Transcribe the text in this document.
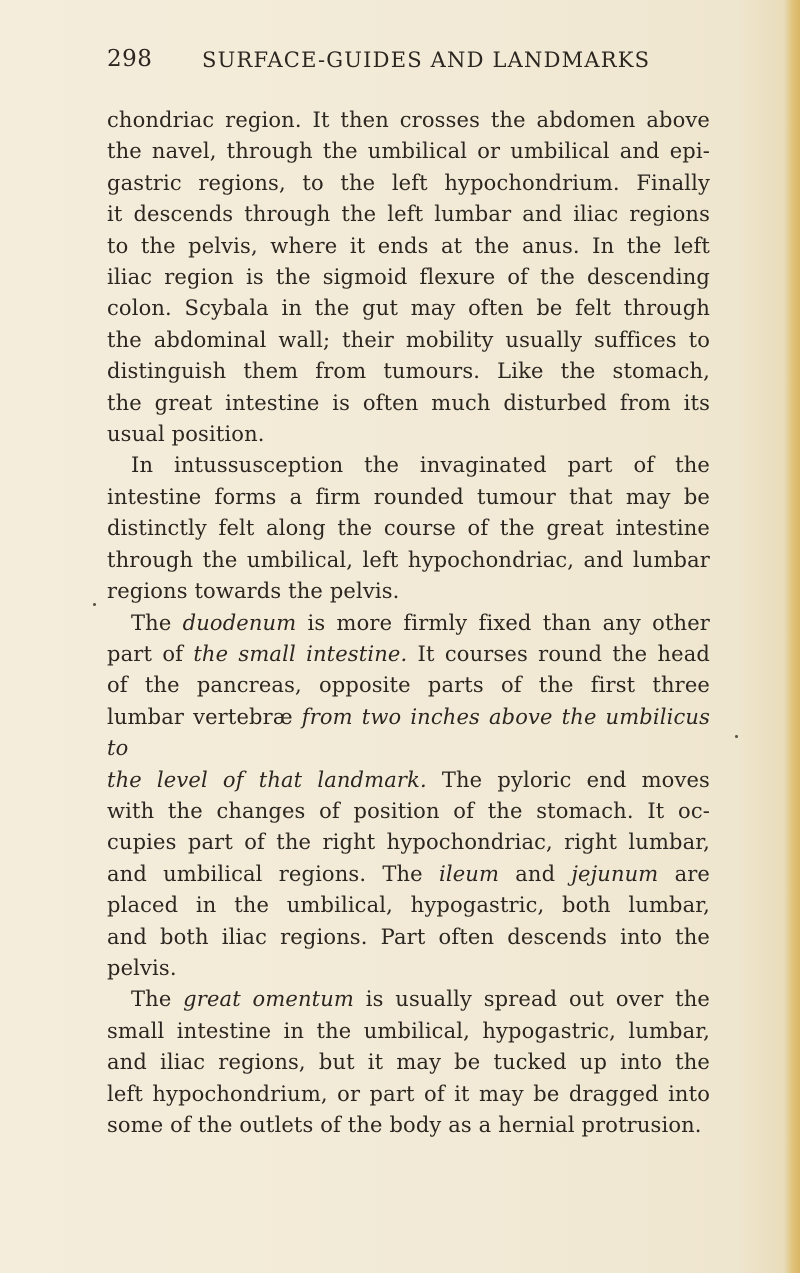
298 SURFACE-GUIDES AND LANDMARKS

chondriac region. It then crosses the abdomen above
the navel, through the umbilical or umbilical and epi-
gastric regions, to the left hypochondrium. Finally
it descends through the left lumbar and iliac regions
to the pelvis, where it ends at the anus. In the left
iliac region is the sigmoid flexure of the descending
colon. Scybala in the gut may often be felt through
the abdominal wall; their mobility usually suffices to
distinguish them from tumours. Like the stomach,
the great intestine is often much disturbed from its
usual position.

In intussusception the invaginated part of the
intestine forms a firm rounded tumour that may be
distinctly felt along the course of the great intestine
through the umbilical, left hypochondriac, and lumbar
regions towards the pelvis.

The duodenum is more firmly fixed than any other
part of the small intestine. It courses round the head
of the pancreas, opposite parts of the first three
lumbar vertebræ from two inches above the umbilicus to
the level of that landmark. The pyloric end moves
with the changes of position of the stomach. It oc-
cupies part of the right hypochondriac, right lumbar,
and umbilical regions. The ileum and jejunum are
placed in the umbilical, hypogastric, both lumbar,
and both iliac regions. Part often descends into the
pelvis.

The great omentum is usually spread out over the
small intestine in the umbilical, hypogastric, lumbar,
and iliac regions, but it may be tucked up into the
left hypochondrium, or part of it may be dragged into
some of the outlets of the body as a hernial protrusion.
